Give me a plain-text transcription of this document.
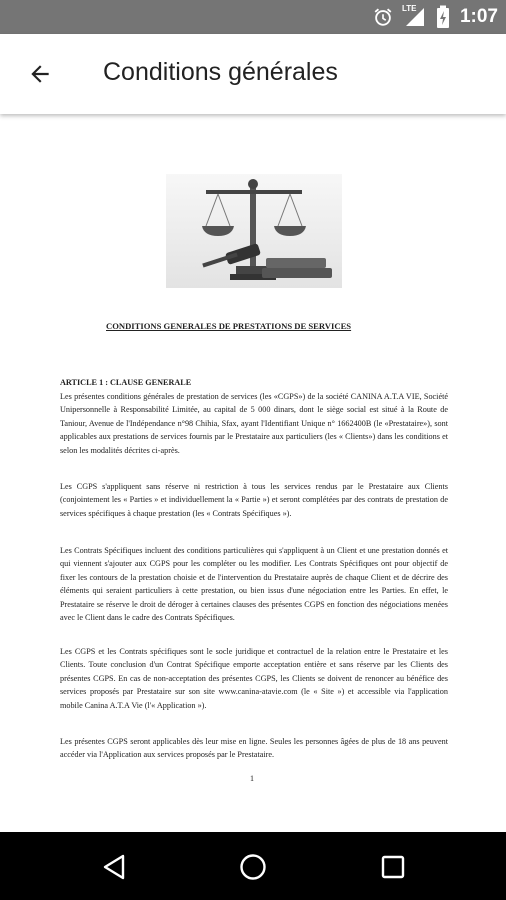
LTE 1:07
Conditions générales
CONDITIONS GENERALES DE PRESTATIONS DE SERVICES
ARTICLE 1 : CLAUSE GENERALE
Les présentes conditions générales de prestation de services (les «CGPS») de la société CANINA A.T.A VIE, Société Unipersonnelle à Responsabilité Limitée, au capital de 5 000 dinars, dont le siège social est situé à la Route de Taniour, Avenue de l'Indépendance n°98 Chihia, Sfax, ayant l'Identifiant Unique n° 1662400B (le «Prestataire»), sont applicables aux prestations de services fournis par le Prestataire aux particuliers (les « Clients») dans les conditions et selon les modalités décrites ci-après.
Les CGPS s'appliquent sans réserve ni restriction à tous les services rendus par le Prestataire aux Clients (conjointement les « Parties » et individuellement la « Partie ») et seront complétées par des contrats de prestation de services spécifiques à chaque prestation (les « Contrats Spécifiques »).
Les Contrats Spécifiques incluent des conditions particulières qui s'appliquent à un Client et une prestation donnés et qui viennent s'ajouter aux CGPS pour les compléter ou les modifier. Les Contrats Spécifiques ont pour objectif de fixer les contours de la prestation choisie et de l'intervention du Prestataire auprès de chaque Client et de décrire des éléments qui seraient particuliers à cette prestation, ou bien issus d'une négociation entre les Parties. En effet, le Prestataire se réserve le droit de déroger à certaines clauses des présentes CGPS en fonction des négociations menées avec le Client dans le cadre des Contrats Spécifiques.
Les CGPS et les Contrats spécifiques sont le socle juridique et contractuel de la relation entre le Prestataire et les Clients. Toute conclusion d'un Contrat Spécifique emporte acceptation entière et sans réserve par les Clients des présentes CGPS. En cas de non-acceptation des présentes CGPS, les Clients se doivent de renoncer au bénéfice des services proposés par Prestataire sur son site www.canina-atavie.com (le « Site ») et accessible via l'application mobile Canina A.T.A Vie (l'« Application »).
Les présentes CGPS seront applicables dès leur mise en ligne. Seules les personnes âgées de plus de 18 ans peuvent accéder via l'Application aux services proposés par le Prestataire.
1
